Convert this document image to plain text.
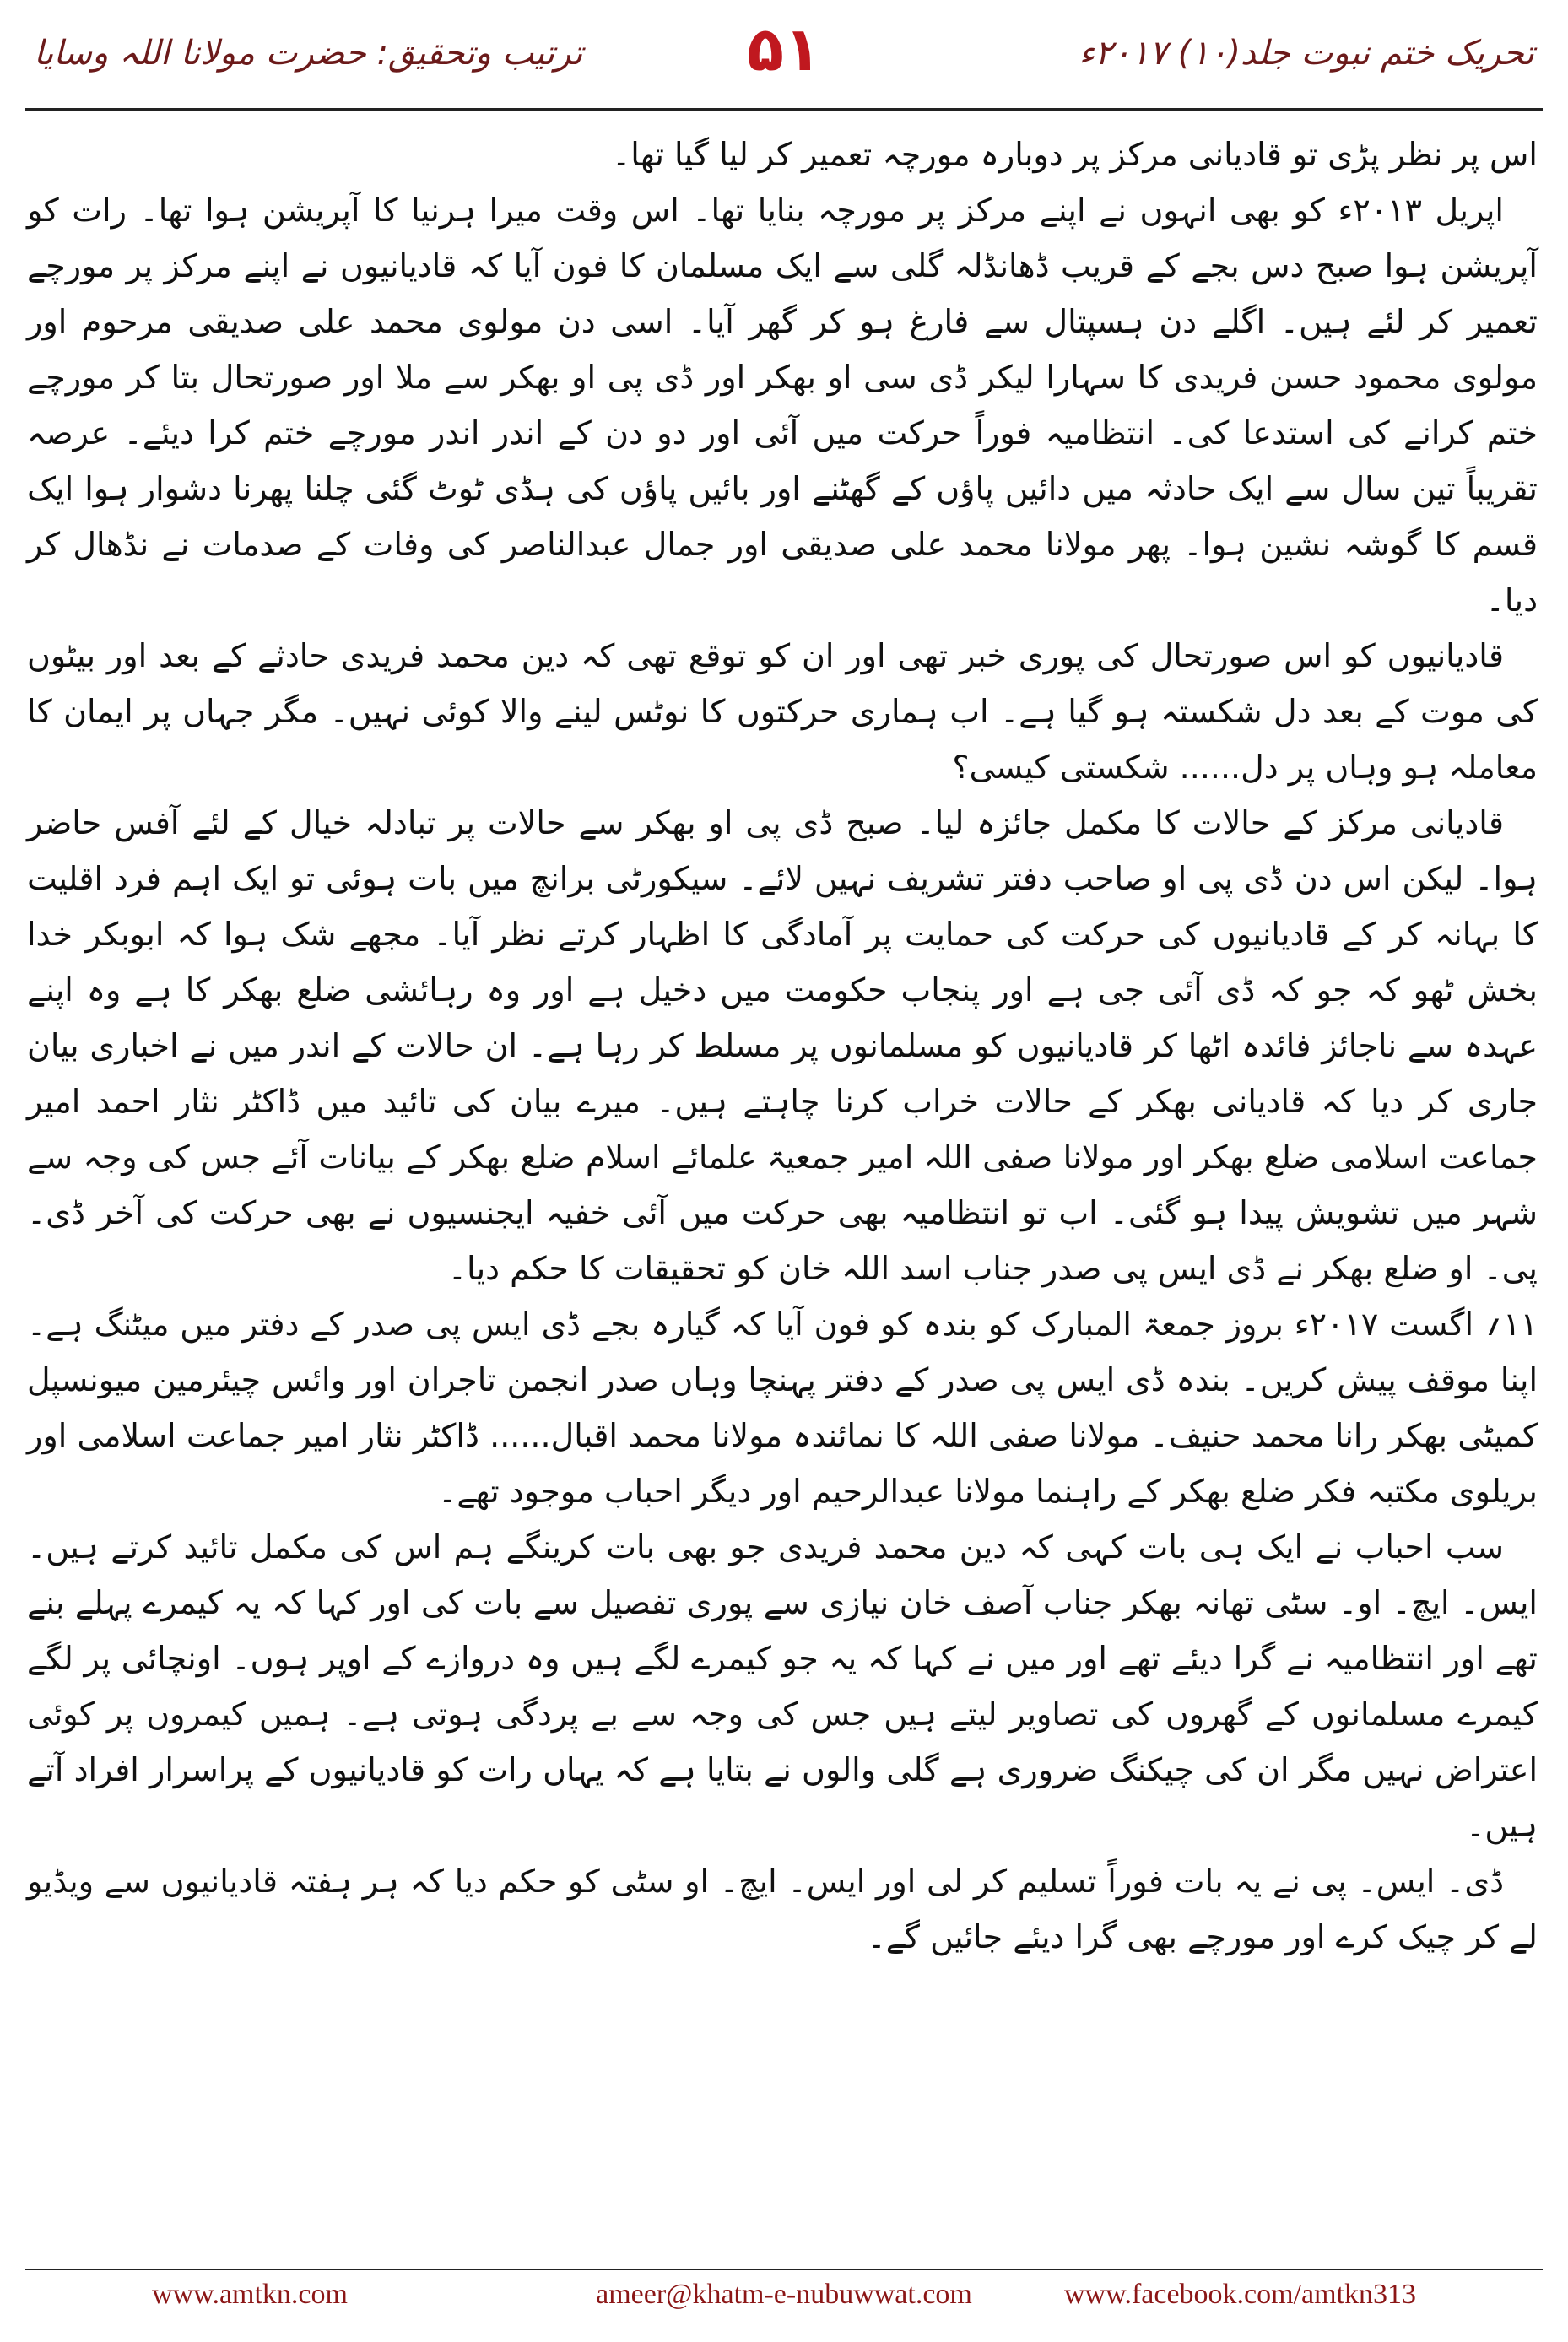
تحریک ختم نبوت جلد(۱۰) ۲۰۱۷ء
۵۱
ترتیب وتحقیق: حضرت مولانا اللہ وسایا

اس پر نظر پڑی تو قادیانی مرکز پر دوبارہ مورچہ تعمیر کر لیا گیا تھا۔

اپریل ۲۰۱۳ء کو بھی انہوں نے اپنے مرکز پر مورچہ بنایا تھا۔ اس وقت میرا ہرنیا کا آپریشن ہوا تھا۔ رات کو آپریشن ہوا صبح دس بجے کے قریب ڈھانڈلہ گلی سے ایک مسلمان کا فون آیا کہ قادیانیوں نے اپنے مرکز پر مورچے تعمیر کر لئے ہیں۔ اگلے دن ہسپتال سے فارغ ہو کر گھر آیا۔ اسی دن مولوی محمد علی صدیقی مرحوم اور مولوی محمود حسن فریدی کا سہارا لیکر ڈی سی او بھکر اور ڈی پی او بھکر سے ملا اور صورتحال بتا کر مورچے ختم کرانے کی استدعا کی۔ انتظامیہ فوراً حرکت میں آئی اور دو دن کے اندر اندر مورچے ختم کرا دیئے۔ عرصہ تقریباً تین سال سے ایک حادثہ میں دائیں پاؤں کے گھٹنے اور بائیں پاؤں کی ہڈی ٹوٹ گئی چلنا پھرنا دشوار ہوا ایک قسم کا گوشہ نشین ہوا۔ پھر مولانا محمد علی صدیقی اور جمال عبدالناصر کی وفات کے صدمات نے نڈھال کر دیا۔

قادیانیوں کو اس صورتحال کی پوری خبر تھی اور ان کو توقع تھی کہ دین محمد فریدی حادثے کے بعد اور بیٹوں کی موت کے بعد دل شکستہ ہو گیا ہے۔ اب ہماری حرکتوں کا نوٹس لینے والا کوئی نہیں۔ مگر جہاں پر ایمان کا معاملہ ہو وہاں پر دل...... شکستی کیسی؟

قادیانی مرکز کے حالات کا مکمل جائزہ لیا۔ صبح ڈی پی او بھکر سے حالات پر تبادلہ خیال کے لئے آفس حاضر ہوا۔ لیکن اس دن ڈی پی او صاحب دفتر تشریف نہیں لائے۔ سیکورٹی برانچ میں بات ہوئی تو ایک اہم فرد اقلیت کا بہانہ کر کے قادیانیوں کی حرکت کی حمایت پر آمادگی کا اظہار کرتے نظر آیا۔ مجھے شک ہوا کہ ابوبکر خدا بخش ٹھو کہ جو کہ ڈی آئی جی ہے اور پنجاب حکومت میں دخیل ہے اور وہ رہائشی ضلع بھکر کا ہے وہ اپنے عہدہ سے ناجائز فائدہ اٹھا کر قادیانیوں کو مسلمانوں پر مسلط کر رہا ہے۔ ان حالات کے اندر میں نے اخباری بیان جاری کر دیا کہ قادیانی بھکر کے حالات خراب کرنا چاہتے ہیں۔ میرے بیان کی تائید میں ڈاکٹر نثار احمد امیر جماعت اسلامی ضلع بھکر اور مولانا صفی اللہ امیر جمعیۃ علمائے اسلام ضلع بھکر کے بیانات آئے جس کی وجہ سے شہر میں تشویش پیدا ہو گئی۔ اب تو انتظامیہ بھی حرکت میں آئی خفیہ ایجنسیوں نے بھی حرکت کی آخر ڈی۔ پی۔ او ضلع بھکر نے ڈی ایس پی صدر جناب اسد اللہ خان کو تحقیقات کا حکم دیا۔

۱۱؍ اگست ۲۰۱۷ء بروز جمعۃ المبارک کو بندہ کو فون آیا کہ گیارہ بجے ڈی ایس پی صدر کے دفتر میں میٹنگ ہے۔ اپنا موقف پیش کریں۔ بندہ ڈی ایس پی صدر کے دفتر پہنچا وہاں صدر انجمن تاجران اور وائس چیئرمین میونسپل کمیٹی بھکر رانا محمد حنیف۔ مولانا صفی اللہ کا نمائندہ مولانا محمد اقبال...... ڈاکٹر نثار امیر جماعت اسلامی اور بریلوی مکتبہ فکر ضلع بھکر کے راہنما مولانا عبدالرحیم اور دیگر احباب موجود تھے۔

سب احباب نے ایک ہی بات کہی کہ دین محمد فریدی جو بھی بات کرینگے ہم اس کی مکمل تائید کرتے ہیں۔ ایس۔ ایچ۔ او۔ سٹی تھانہ بھکر جناب آصف خان نیازی سے پوری تفصیل سے بات کی اور کہا کہ یہ کیمرے پہلے بنے تھے اور انتظامیہ نے گرا دیئے تھے اور میں نے کہا کہ یہ جو کیمرے لگے ہیں وہ دروازے کے اوپر ہوں۔ اونچائی پر لگے کیمرے مسلمانوں کے گھروں کی تصاویر لیتے ہیں جس کی وجہ سے بے پردگی ہوتی ہے۔ ہمیں کیمروں پر کوئی اعتراض نہیں مگر ان کی چیکنگ ضروری ہے گلی والوں نے بتایا ہے کہ یہاں رات کو قادیانیوں کے پراسرار افراد آتے ہیں۔

ڈی۔ ایس۔ پی نے یہ بات فوراً تسلیم کر لی اور ایس۔ ایچ۔ او سٹی کو حکم دیا کہ ہر ہفتہ قادیانیوں سے ویڈیو لے کر چیک کرے اور مورچے بھی گرا دیئے جائیں گے۔

www.amtkn.com	ameer@khatm-e-nubuwwat.com	www.facebook.com/amtkn313
